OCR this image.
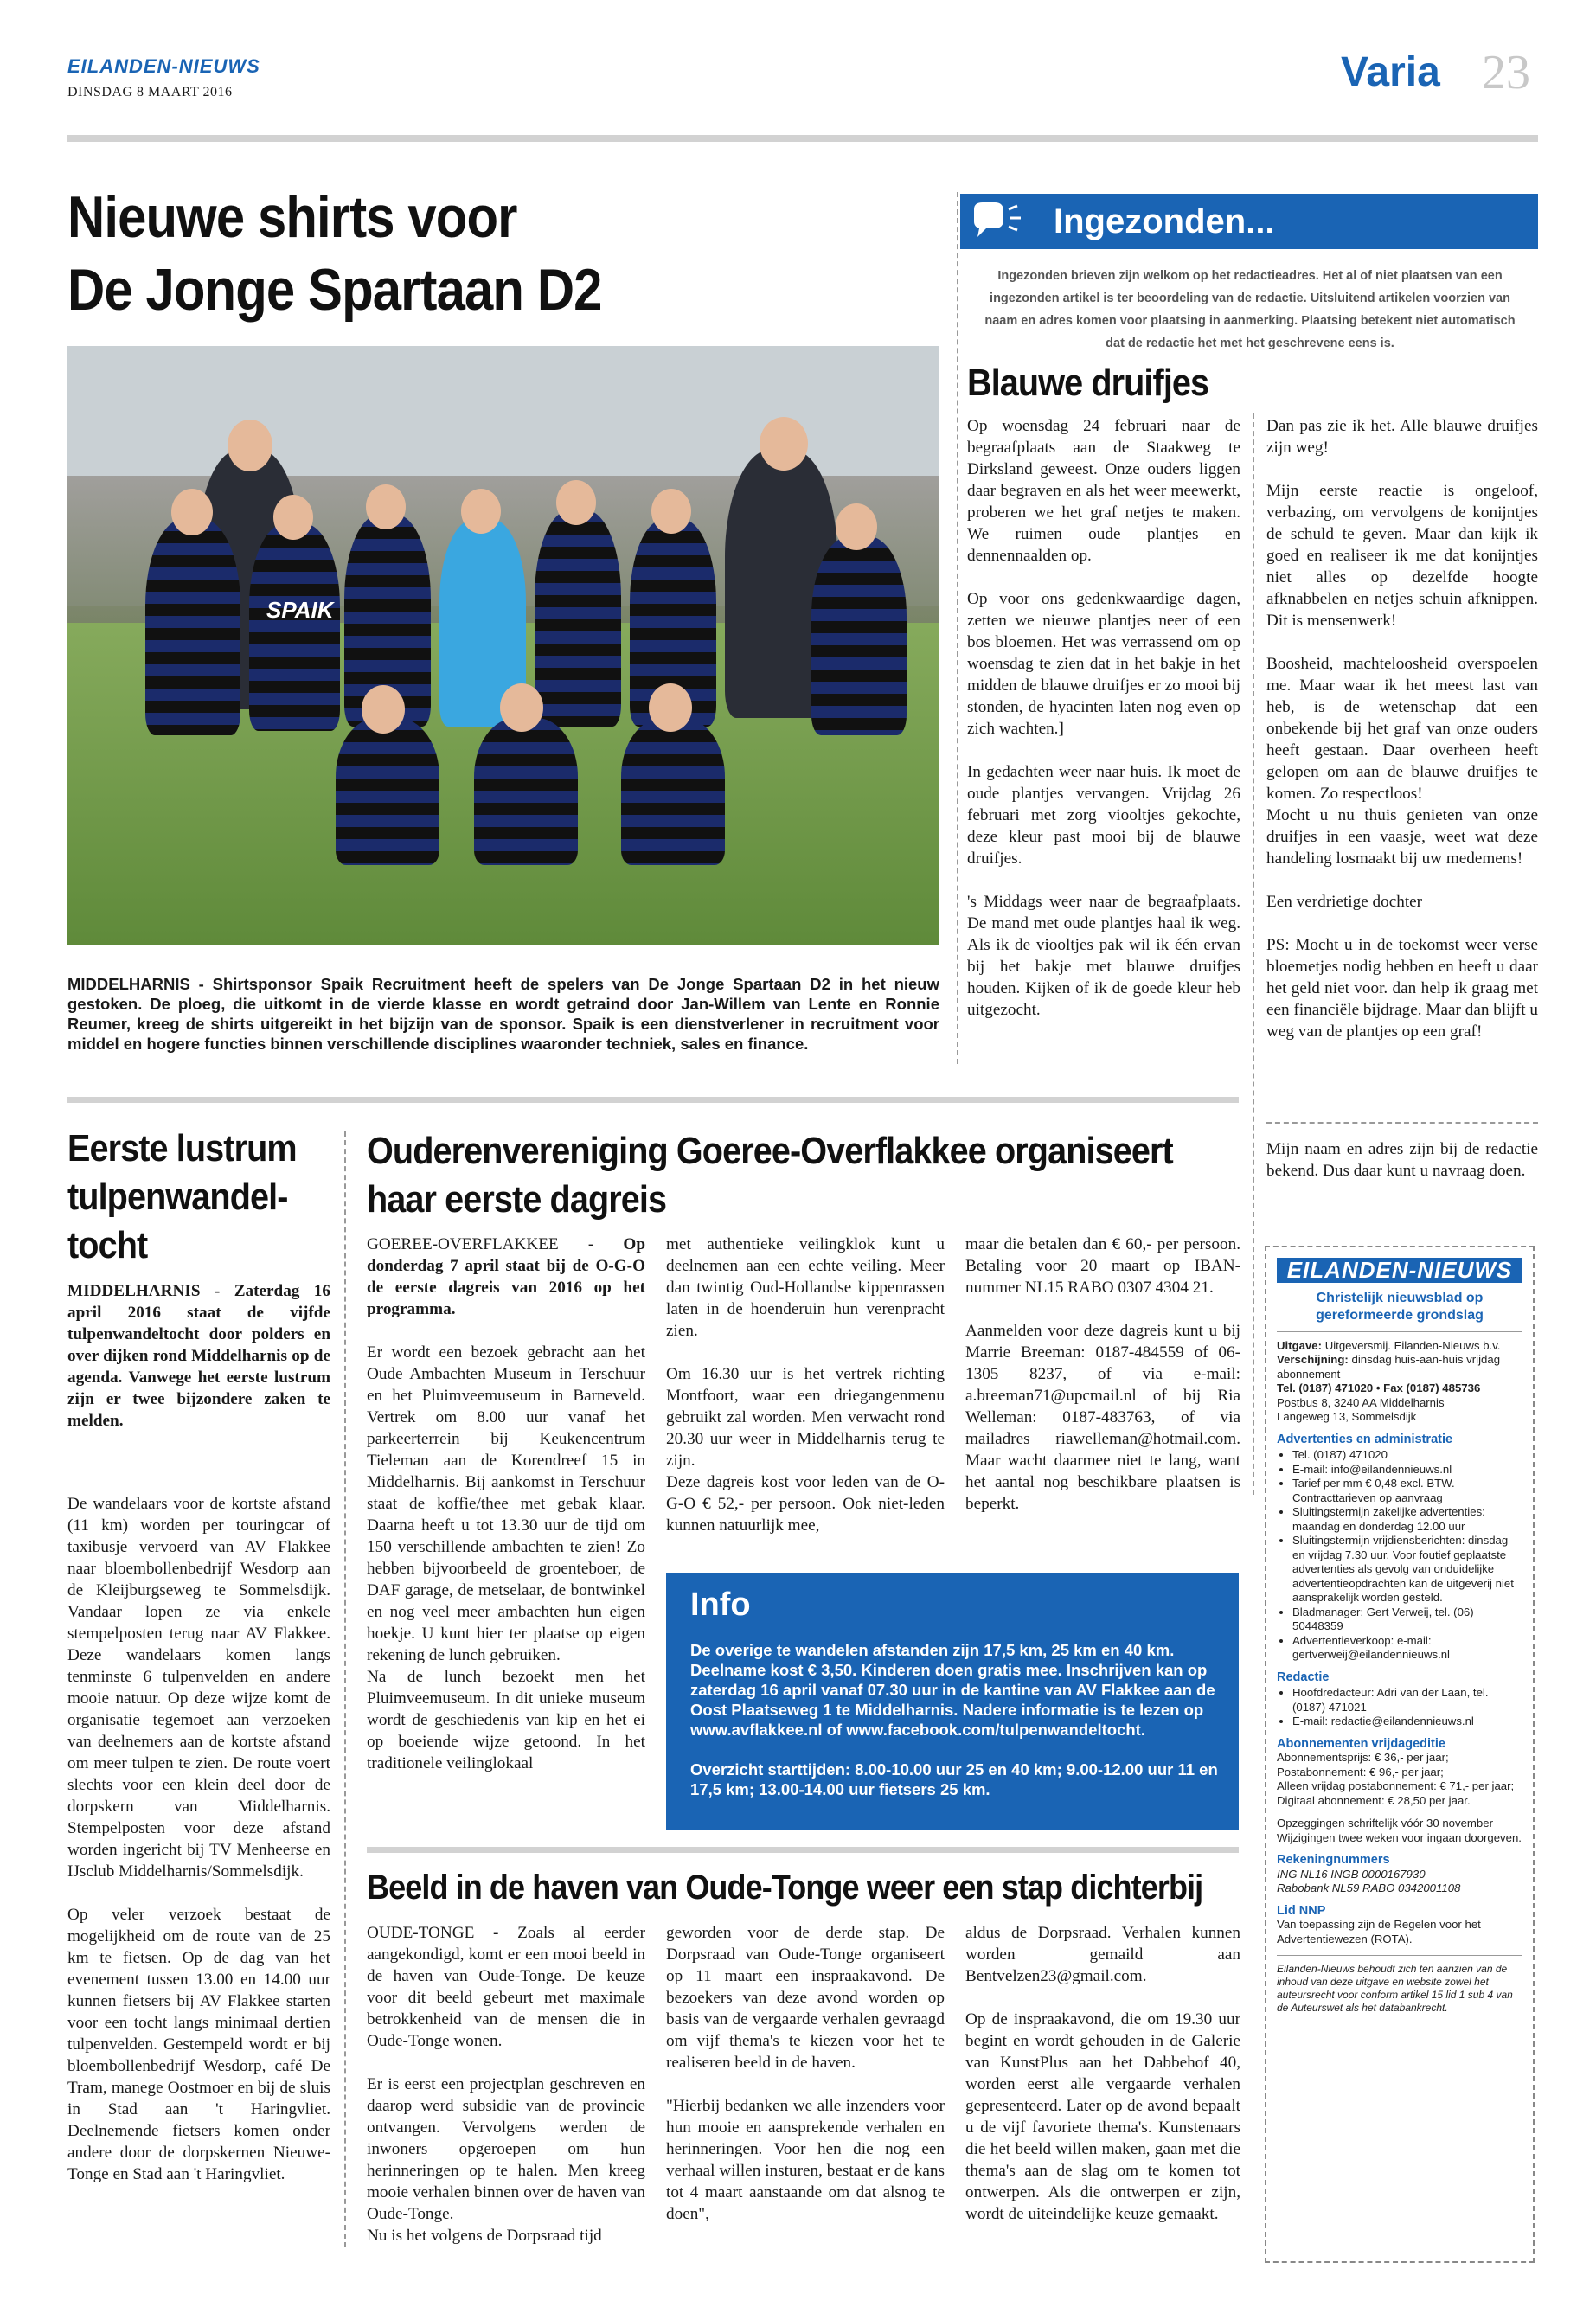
EILANDEN-NIEUWS
DINSDAG 8 MAART 2016	Varia 23
Nieuwe shirts voor
De Jonge Spartaan D2
SPAIK
MIDDELHARNIS - Shirtsponsor Spaik Recruitment heeft de spelers van De Jonge Spartaan D2 in het nieuw gestoken. De ploeg, die uitkomt in de vierde klasse en wordt getraind door Jan-Willem van Lente en Ronnie Reumer, kreeg de shirts uitgereikt in het bijzijn van de sponsor. Spaik is een dienstverlener in recruitment voor middel en hogere functies binnen verschillende disciplines waaronder techniek, sales en finance.
Ingezonden...
Ingezonden brieven zijn welkom op het redactieadres. Het al of niet plaatsen van een ingezonden artikel is ter beoordeling van de redactie. Uitsluitend artikelen voorzien van naam en adres komen voor plaatsing in aanmerking. Plaatsing betekent niet automatisch dat de redactie het met het geschrevene eens is.
Blauwe druifjes

Op woensdag 24 februari naar de begraafplaats aan de Staakweg te Dirksland geweest. Onze ouders liggen daar begraven en als het weer meewerkt, proberen we het graf netjes te maken. We ruimen oude plantjes en dennennaalden op.

Op voor ons gedenkwaardige dagen, zetten we nieuwe plantjes neer of een bos bloemen. Het was verrassend om op woensdag te zien dat in het bakje in het midden de blauwe druifjes er zo mooi bij stonden, de hyacinten laten nog even op zich wachten.]

In gedachten weer naar huis. Ik moet de oude plantjes vervangen. Vrijdag 26 februari met zorg viooltjes gekochte, deze kleur past mooi bij de blauwe druifjes.

's Middags weer naar de begraafplaats. De mand met oude plantjes haal ik weg. Als ik de viooltjes pak wil ik één ervan bij het bakje met blauwe druifjes houden. Kijken of ik de goede kleur heb uitgezocht.

Dan pas zie ik het. Alle blauwe druifjes zijn weg!

Mijn eerste reactie is ongeloof, verbazing, om vervolgens de konijntjes de schuld te geven. Maar dan kijk ik goed en realiseer ik me dat konijntjes niet alles op dezelfde hoogte afknabbelen en netjes schuin afknippen. Dit is mensenwerk!

Boosheid, machteloosheid overspoelen me. Maar waar ik het meest last van heb, is de wetenschap dat een onbekende bij het graf van onze ouders heeft gestaan. Daar overheen heeft gelopen om aan de blauwe druifjes te komen. Zo respectloos!

Mocht u nu thuis genieten van onze druifjes in een vaasje, weet wat deze handeling losmaakt bij uw medemens!

Een verdrietige dochter

PS: Mocht u in de toekomst weer verse bloemetjes nodig hebben en heeft u daar het geld niet voor. dan help ik graag met een financiële bijdrage. Maar dan blijft u weg van de plantjes op een graf!

Mijn naam en adres zijn bij de redactie bekend. Dus daar kunt u navraag doen.
Eerste lustrum
tulpenwandel-
tocht
MIDDELHARNIS - Zaterdag 16 april 2016 staat de vijfde tulpenwandeltocht door polders en over dijken rond Middelharnis op de agenda. Vanwege het eerste lustrum zijn er twee bijzondere zaken te melden.

De wandelaars voor de kortste afstand (11 km) worden per touringcar of taxibusje vervoerd van AV Flakkee naar bloembollenbedrijf Wesdorp aan de Kleijburgseweg te Sommelsdijk. Vandaar lopen ze via enkele stempelposten terug naar AV Flakkee. Deze wandelaars komen langs tenminste 6 tulpenvelden en andere mooie natuur. Op deze wijze komt de organisatie tegemoet aan verzoeken van deelnemers aan de kortste afstand om meer tulpen te zien. De route voert slechts voor een klein deel door de dorpskern van Middelharnis. Stempelposten voor deze afstand worden ingericht bij TV Menheerse en IJsclub Middelharnis/Sommelsdijk.

Op veler verzoek bestaat de mogelijkheid om de route van de 25 km te fietsen. Op de dag van het evenement tussen 13.00 en 14.00 uur kunnen fietsers bij AV Flakkee starten voor een tocht langs minimaal dertien tulpenvelden. Gestempeld wordt er bij bloembollenbedrijf Wesdorp, café De Tram, manege Oostmoer en bij de sluis in Stad aan 't Haringvliet. Deelnemende fietsers komen onder andere door de dorpskernen Nieuwe-Tonge en Stad aan 't Haringvliet.

Ouderenvereniging Goeree-Overflakkee organiseert
haar eerste dagreis

GOEREE-OVERFLAKKEE - Op donderdag 7 april staat bij de O-G-O de eerste dagreis van 2016 op het programma.

Er wordt een bezoek gebracht aan het Oude Ambachten Museum in Terschuur en het Pluimveemuseum in Barneveld. Vertrek om 8.00 uur vanaf het parkeerterrein bij Keukencentrum Tieleman aan de Korendreef 15 in Middelharnis. Bij aankomst in Terschuur staat de koffie/thee met gebak klaar. Daarna heeft u tot 13.30 uur de tijd om 150 verschillende ambachten te zien! Zo hebben bijvoorbeeld de groenteboer, de DAF garage, de metselaar, de bontwinkel en nog veel meer ambachten hun eigen hoekje. U kunt hier ter plaatse op eigen rekening de lunch gebruiken.

Na de lunch bezoekt men het Pluimveemuseum. In dit unieke museum wordt de geschiedenis van kip en het ei op boeiende wijze getoond. In het traditionele veilinglokaal

met authentieke veilingklok kunt u deelnemen aan een echte veiling. Meer dan twintig Oud-Hollandse kippenrassen laten in de hoenderuin hun verenpracht zien.

Om 16.30 uur is het vertrek richting Montfoort, waar een driegangenmenu gebruikt zal worden. Men verwacht rond 20.30 uur weer in Middelharnis terug te zijn.

Deze dagreis kost voor leden van de O-G-O € 52,- per persoon. Ook niet-leden kunnen natuurlijk mee,

maar die betalen dan € 60,- per persoon. Betaling voor 20 maart op IBAN-nummer NL15 RABO 0307 4304 21.

Aanmelden voor deze dagreis kunt u bij Marrie Breeman: 0187-484559 of 06-1305 8237, of via e-mail: a.breeman71@upcmail.nl of bij Ria Welleman: 0187-483763, of via mailadres riawelleman@hotmail.com. Maar wacht daarmee niet te lang, want het aantal nog beschikbare plaatsen is beperkt.

Info
De overige te wandelen afstanden zijn 17,5 km, 25 km en 40 km. Deelname kost € 3,50. Kinderen doen gratis mee. Inschrijven kan op zaterdag 16 april vanaf 07.30 uur in de kantine van AV Flakkee aan de Oost Plaatseweg 1 te Middelharnis. Nadere informatie is te lezen op www.avflakkee.nl of www.facebook.com/tulpenwandeltocht.
Overzicht starttijden: 8.00-10.00 uur 25 en 40 km; 9.00-12.00 uur 11 en 17,5 km; 13.00-14.00 uur fietsers 25 km.
Beeld in de haven van Oude-Tonge weer een stap dichterbij

OUDE-TONGE - Zoals al eerder aangekondigd, komt er een mooi beeld in de haven van Oude-Tonge. De keuze voor dit beeld gebeurt met maximale betrokkenheid van de mensen die in Oude-Tonge wonen.

Er is eerst een projectplan geschreven en daarop werd subsidie van de provincie ontvangen. Vervolgens werden de inwoners opgeroepen om hun herinneringen op te halen. Men kreeg mooie verhalen binnen over de haven van Oude-Tonge.

Nu is het volgens de Dorpsraad tijd

geworden voor de derde stap. De Dorpsraad van Oude-Tonge organiseert op 11 maart een inspraakavond. De bezoekers van deze avond worden op basis van de vergaarde verhalen gevraagd om vijf thema's te kiezen voor het te realiseren beeld in de haven.

"Hierbij bedanken we alle inzenders voor hun mooie en aansprekende verhalen en herinneringen. Voor hen die nog een verhaal willen insturen, bestaat er de kans tot 4 maart aanstaande om dat alsnog te doen",

aldus de Dorpsraad. Verhalen kunnen worden gemaild aan Bentvelzen23@gmail.com.

Op de inspraakavond, die om 19.30 uur begint en wordt gehouden in de Galerie van KunstPlus aan het Dabbehof 40, worden eerst alle vergaarde verhalen gepresenteerd. Later op de avond bepaalt u de vijf favoriete thema's. Kunstenaars die het beeld willen maken, gaan met die thema's aan de slag om te komen tot ontwerpen. Als die ontwerpen er zijn, wordt de uiteindelijke keuze gemaakt.

EILANDEN-NIEUWS
Christelijk nieuwsblad op
gereformeerde grondslag
Uitgave: Uitgeversmij. Eilanden-Nieuws b.v.
Verschijning: dinsdag huis-aan-huis vrijdag abonnement
Tel. (0187) 471020 • Fax (0187) 485736
Postbus 8, 3240 AA Middelharnis
Langeweg 13, Sommelsdijk
Advertenties en administratie
• Tel. (0187) 471020
• E-mail: info@eilandennieuws.nl
• Tarief per mm € 0,48 excl. BTW. Contracttarieven op aanvraag
• Sluitingstermijn zakelijke advertenties: maandag en donderdag 12.00 uur
• Sluitingstermijn vrijdiensberichten: dinsdag en vrijdag 7.30 uur. Voor foutief geplaatste advertenties als gevolg van onduidelijke advertentieopdrachten kan de uitgeverij niet aansprakelijk worden gesteld.
• Bladmanager: Gert Verweij, tel. (06) 50448359
• Advertentieverkoop: e-mail: gertverweij@eilandennieuws.nl
Redactie
• Hoofdredacteur: Adri van der Laan, tel. (0187) 471021
• E-mail: redactie@eilandennieuws.nl
Abonnementen vrijdageditie
Abonnementsprijs: € 36,- per jaar;
Postabonnement: € 96,- per jaar;
Alleen vrijdag postabonnement: € 71,- per jaar;
Digitaal abonnement: € 28,50 per jaar.
Opzeggingen schriftelijk vóór 30 november Wijzigingen twee weken voor ingaan doorgeven.
Rekeningnummers
ING NL16 INGB 0000167930
Rabobank NL59 RABO 0342001108
Lid NNP
Van toepassing zijn de Regelen voor het Advertentiewezen (ROTA).
Eilanden-Nieuws behoudt zich ten aanzien van de inhoud van deze uitgave en website zowel het auteursrecht voor conform artikel 15 lid 1 sub 4 van de Auteurswet als het databankrecht.
